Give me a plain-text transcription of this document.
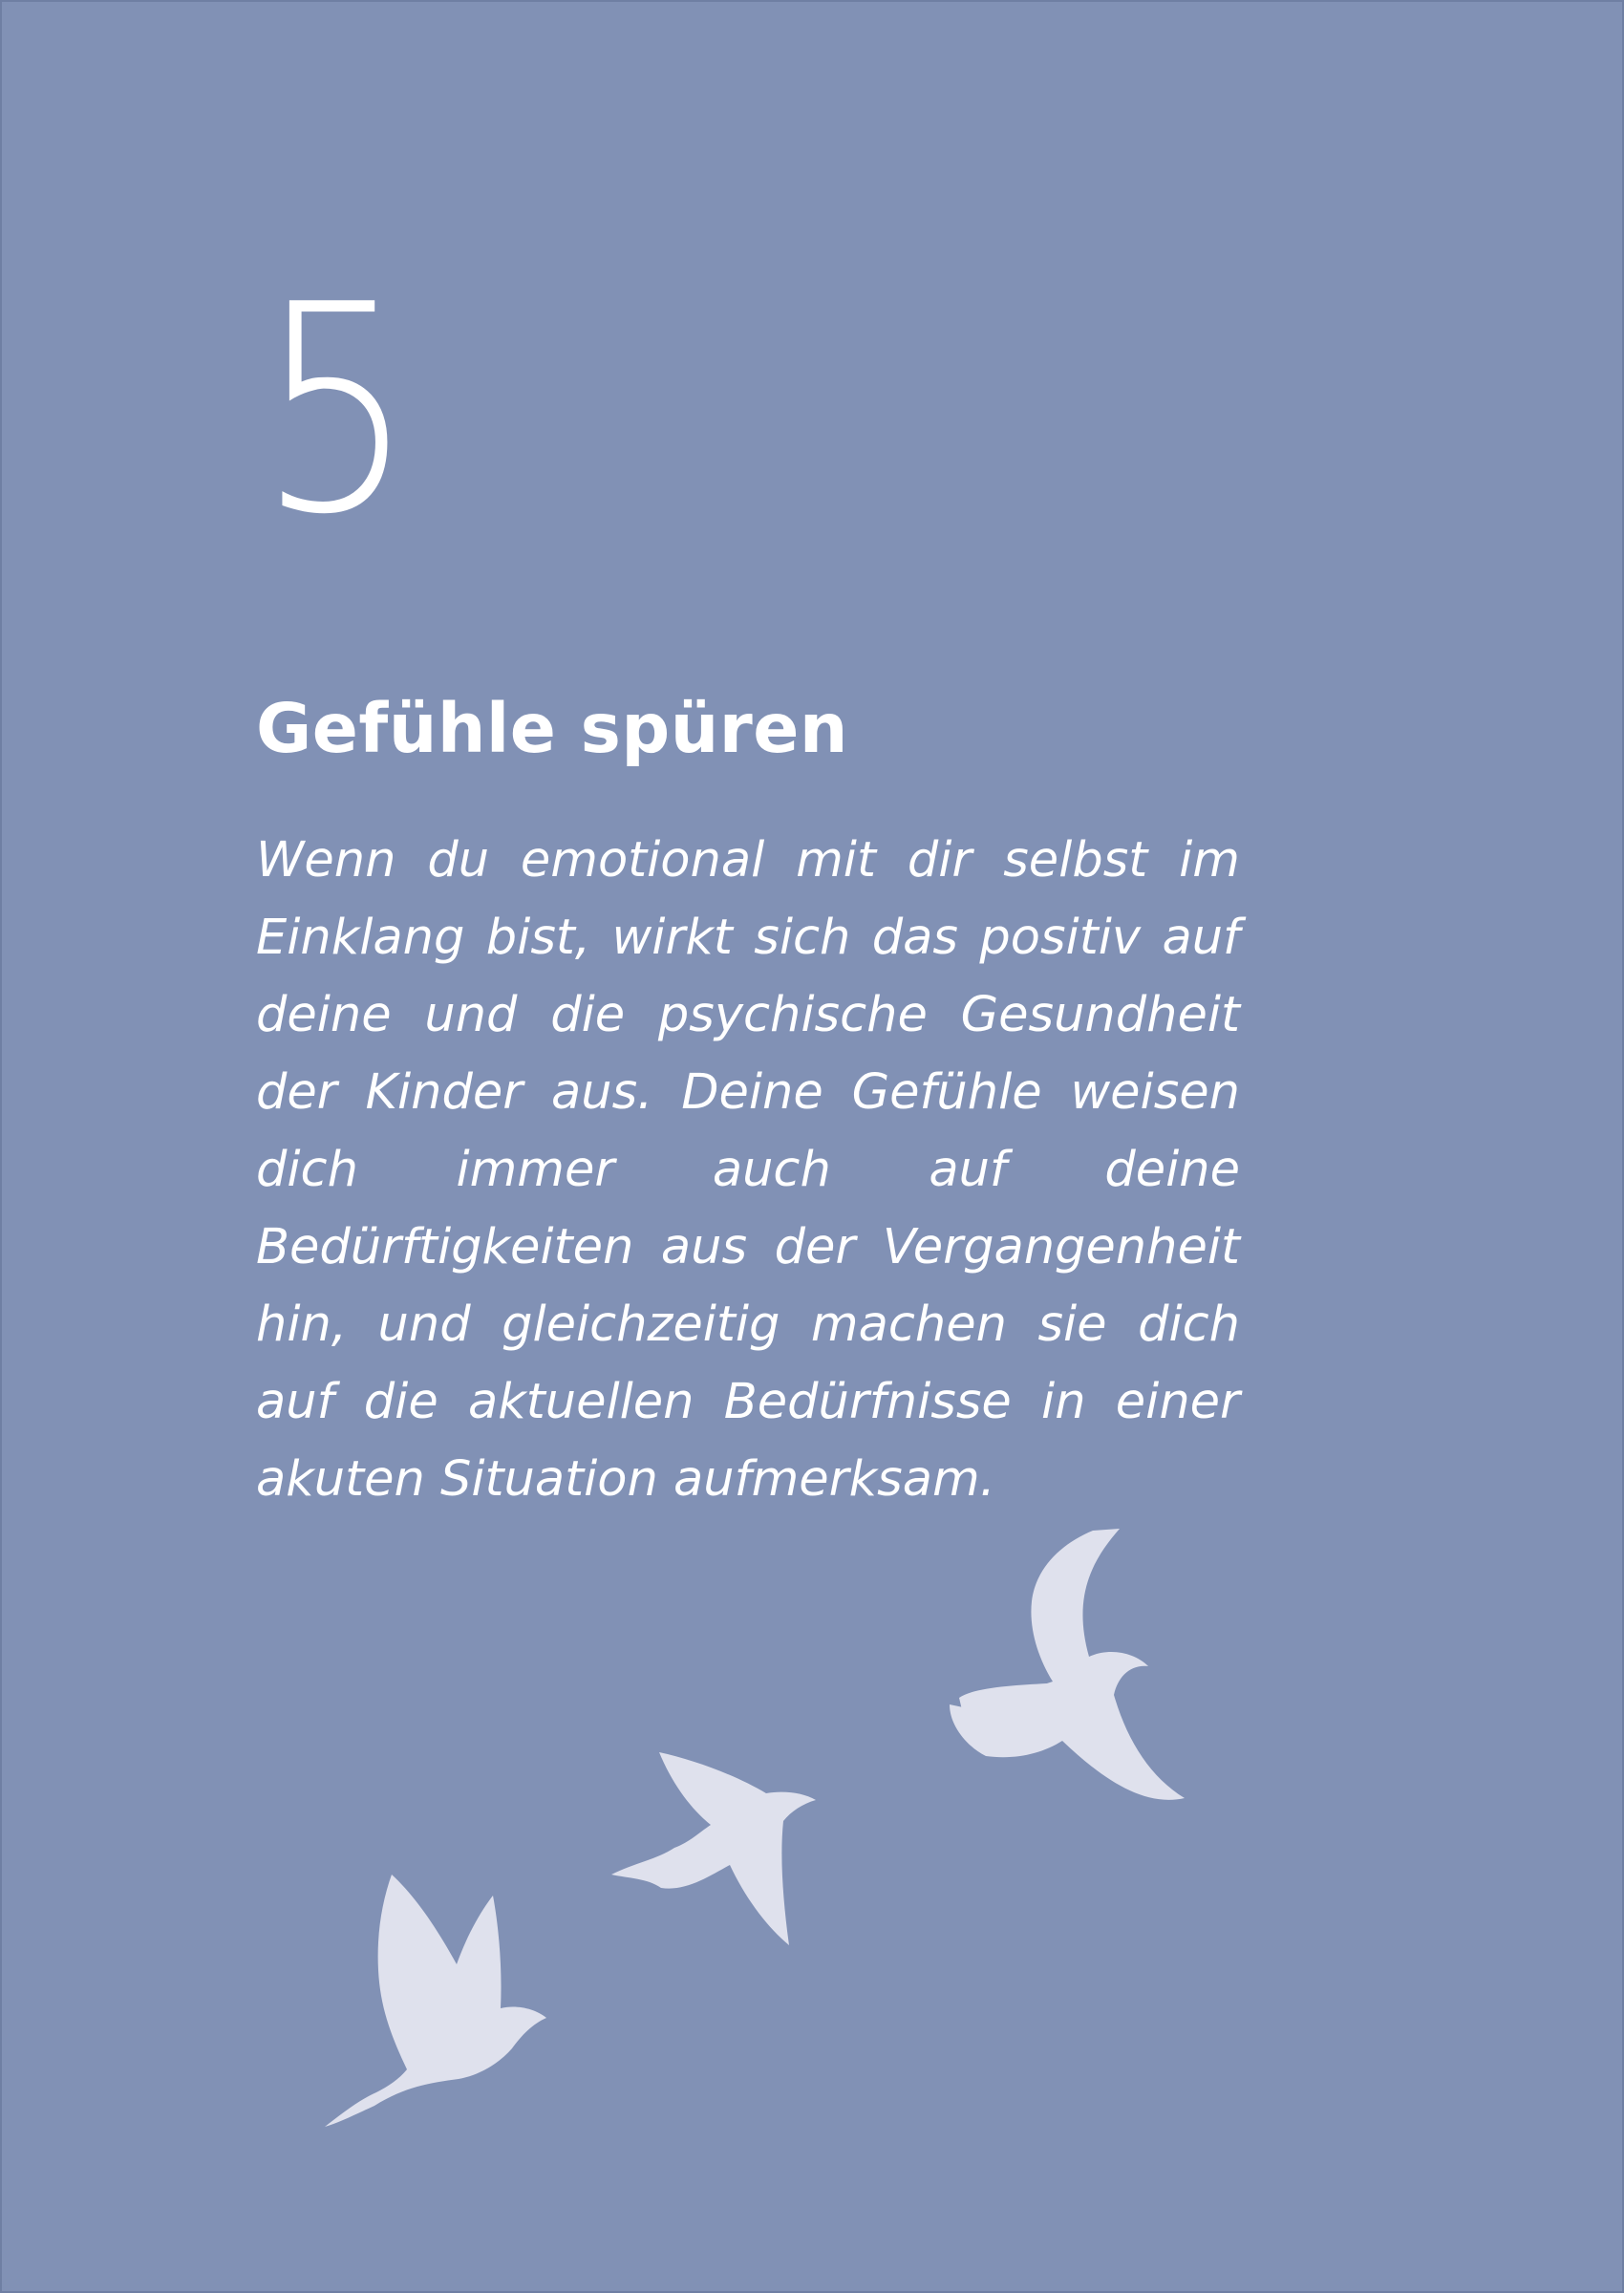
5
Gefühle spüren

Wenn du emotional mit dir selbst im Einklang bist, wirkt sich das positiv auf deine und die psychische Gesundheit der Kinder aus. Deine Gefühle weisen dich immer auch auf deine Bedürftigkeiten aus der Vergangenheit hin, und gleichzeitig machen sie dich auf die aktuellen Bedürfnisse in einer akuten Situation aufmerksam.
